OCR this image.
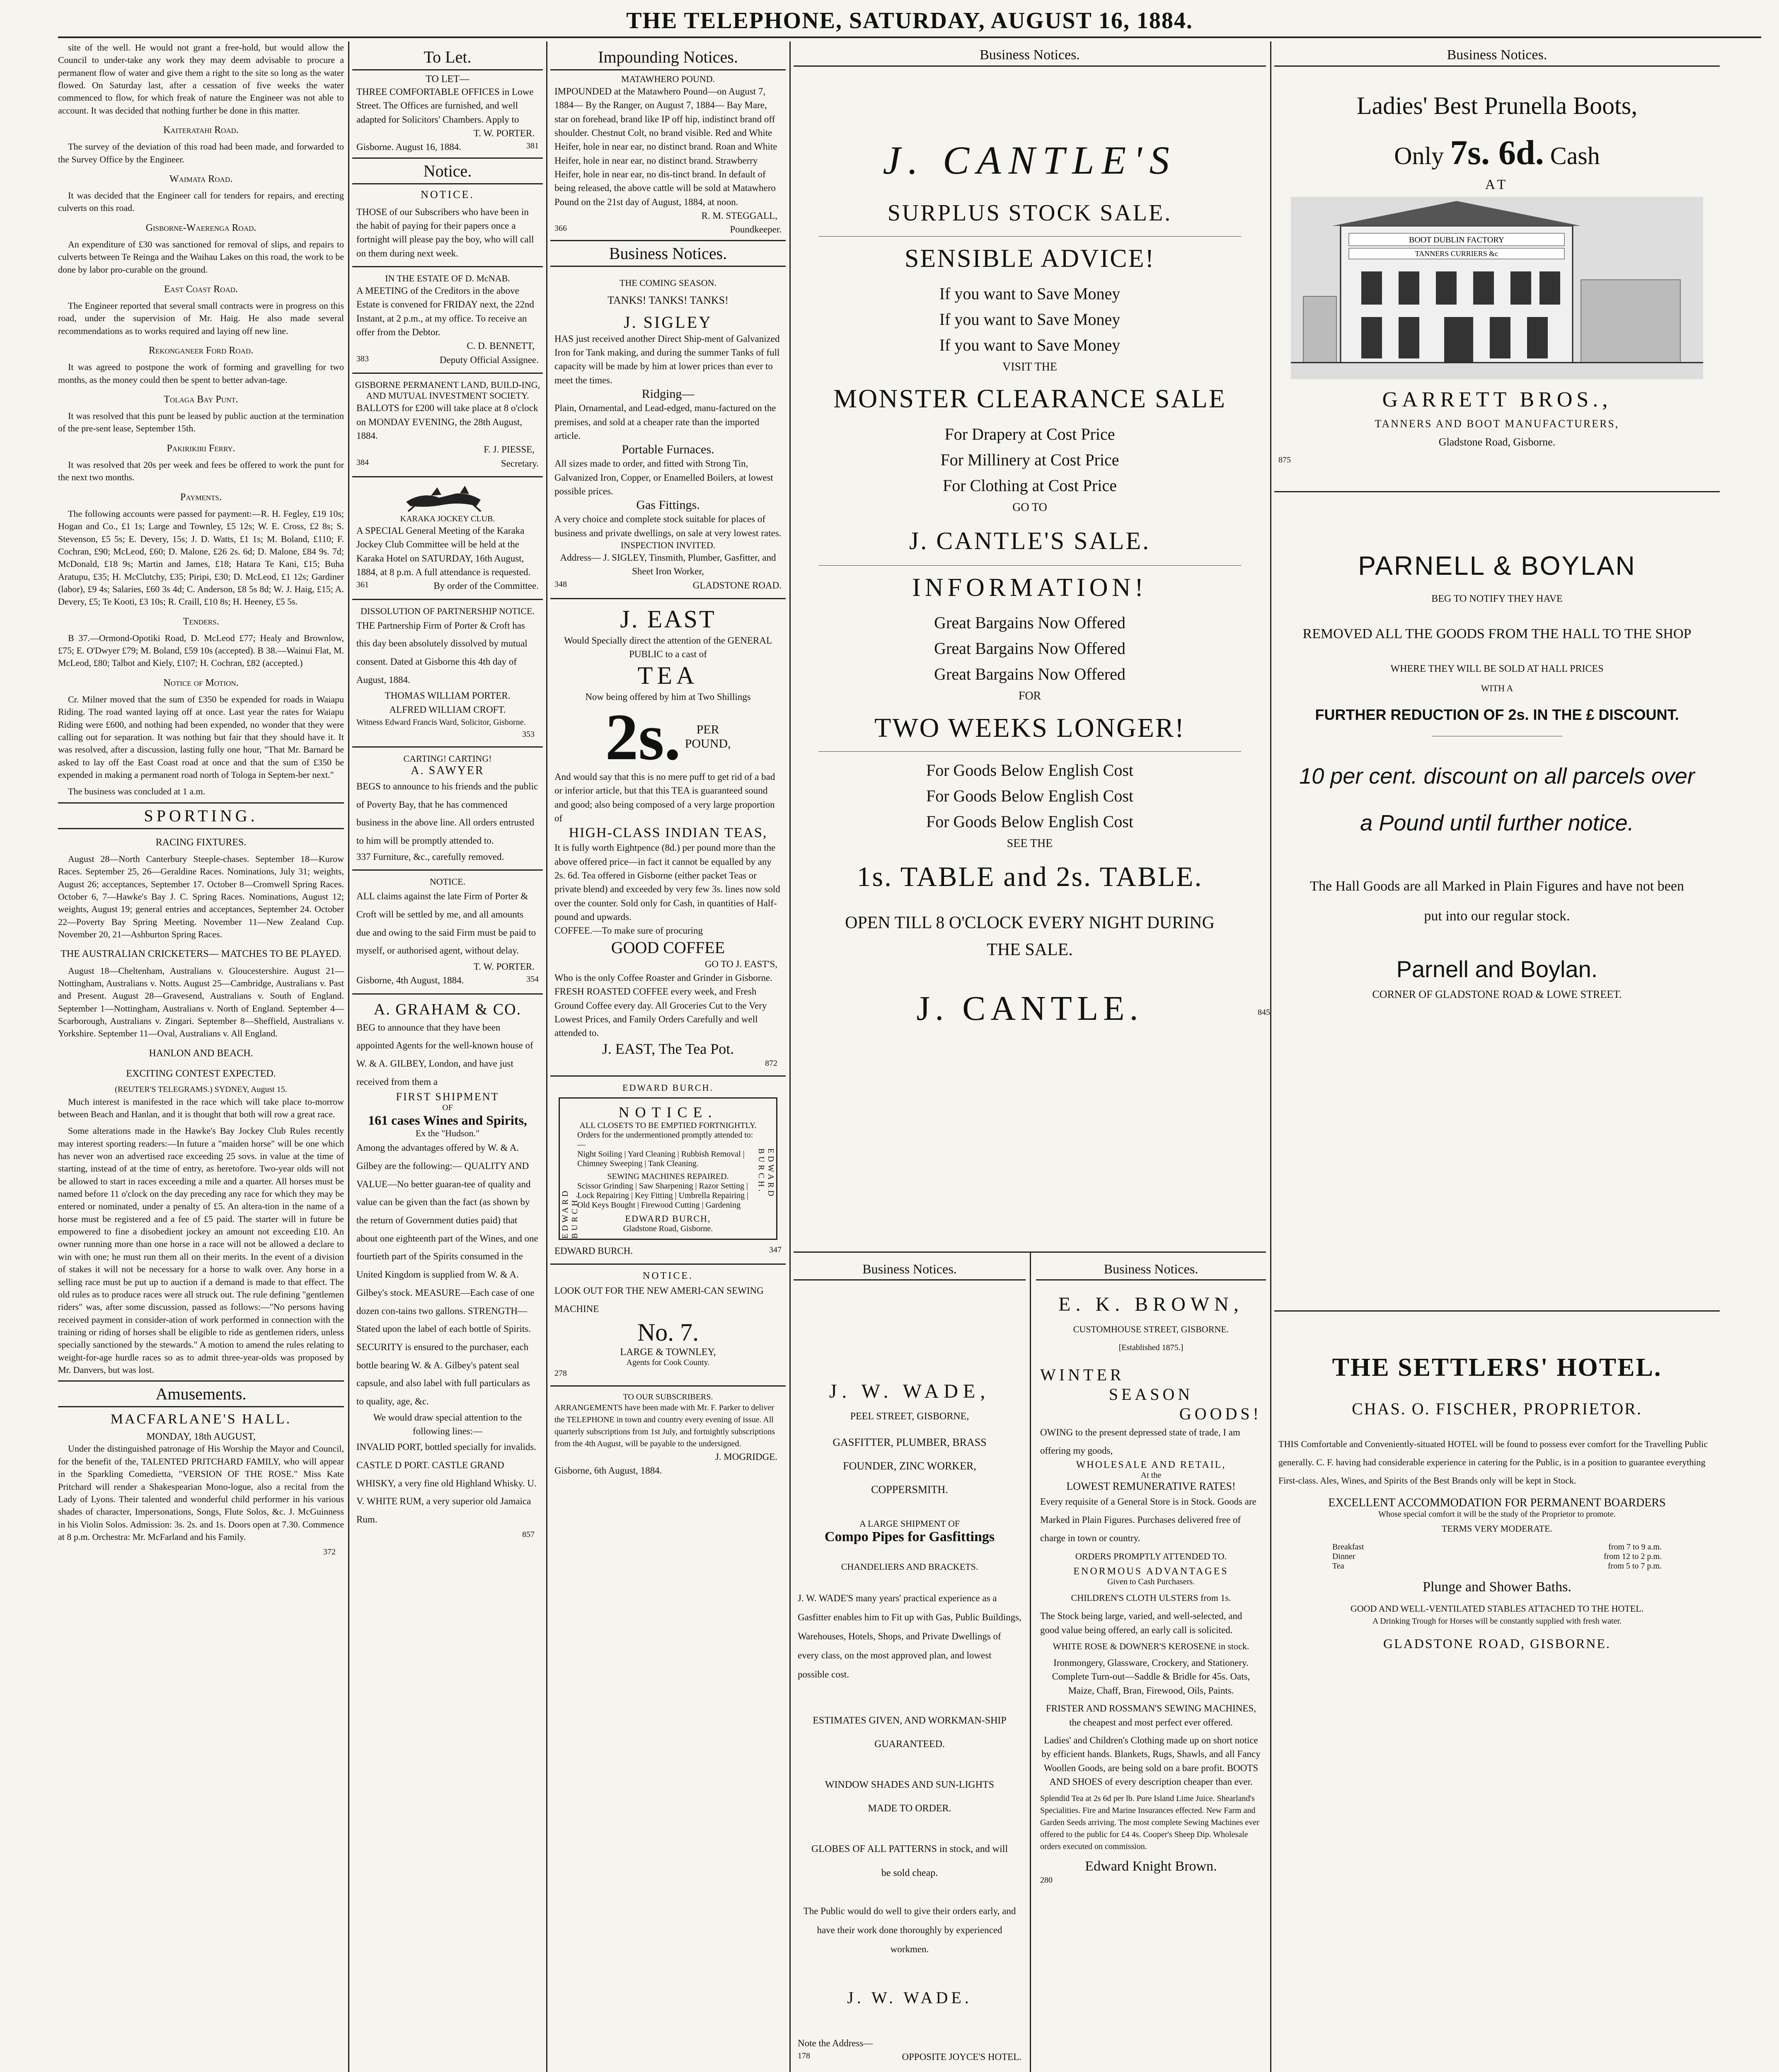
THE TELEPHONE, SATURDAY, AUGUST 16, 1884.

site of the well. He would not grant a free-hold, but would allow the Council to under-take any work they may deem advisable to procure a permanent flow of water and give them a right to the site so long as the water flowed. On Saturday last, after a cessation of five weeks the water commenced to flow, for which freak of nature the Engineer was not able to account. It was decided that nothing further be done in this matter.

Kaiteratahi Road.

The survey of the deviation of this road had been made, and forwarded to the Survey Office by the Engineer.

Waimata Road.

It was decided that the Engineer call for tenders for repairs, and erecting culverts on this road.

Gisborne-Waerenga Road.

An expenditure of £30 was sanctioned for removal of slips, and repairs to culverts between Te Reinga and the Waihau Lakes on this road, the work to be done by labor pro-curable on the ground.

East Coast Road.

The Engineer reported that several small contracts were in progress on this road, under the supervision of Mr. Haig. He also made several recommendations as to works required and laying off new line.

Rekonganeer Ford Road.

It was agreed to postpone the work of forming and gravelling for two months, as the money could then be spent to better advan-tage.

Tolaga Bay Punt.

It was resolved that this punt be leased by public auction at the termination of the pre-sent lease, September 15th.

Pakirikiri Ferry.

It was resolved that 20s per week and fees be offered to work the punt for the next two months.

Payments.

The following accounts were passed for payment:—R. H. Fegley, £19 10s; Hogan and Co., £1 1s; Large and Townley, £5 12s; W. E. Cross, £2 8s; S. Stevenson, £5 5s; E. Devery, 15s; J. D. Watts, £1 1s; M. Boland, £110; F. Cochran, £90; McLeod, £60; D. Malone, £26 2s. 6d; D. Malone, £84 9s. 7d; McDonald, £18 9s; Martin and James, £18; Hatara Te Kani, £15; Buha Aratupu, £35; H. McClutchy, £35; Piripi, £30; D. McLeod, £1 12s; Gardiner (labor), £9 4s; Salaries, £60 3s 4d; C. Anderson, £8 5s 8d; W. J. Haig, £15; A. Devery, £5; Te Kooti, £3 10s; R. Craill, £10 8s; H. Heeney, £5 5s.

Tenders.

B 37.—Ormond-Opotiki Road, D. McLeod £77; Healy and Brownlow, £75; E. O'Dwyer £79; M. Boland, £59 10s (accepted). B 38.—Wainui Flat, M. McLeod, £80; Talbot and Kiely, £107; H. Cochran, £82 (accepted.)

Notice of Motion.

Cr. Milner moved that the sum of £350 be expended for roads in Waiapu Riding. The road wanted laying off at once. Last year the rates for Waiapu Riding were £600, and nothing had been expended, no wonder that they were calling out for separation. It was nothing but fair that they should have it. It was resolved, after a discussion, lasting fully one hour, "That Mr. Barnard be asked to lay off the East Coast road at once and that the sum of £350 be expended in making a permanent road north of Tologa in Septem-ber next."

The business was concluded at 1 a.m.

SPORTING.
RACING FIXTURES.

August 28—North Canterbury Steeple-chases. September 18—Kurow Races. September 25, 26—Geraldine Races. Nominations, July 31; weights, August 26; acceptances, September 17. October 8—Cromwell Spring Races. October 6, 7—Hawke's Bay J. C. Spring Races. Nominations, August 12; weights, August 19; general entries and acceptances, September 24. October 22—Poverty Bay Spring Meeting. November 11—New Zealand Cup. November 20, 21—Ashburton Spring Races.

THE AUSTRALIAN CRICKETERS— MATCHES TO BE PLAYED.

August 18—Cheltenham, Australians v. Gloucestershire. August 21—Nottingham, Australians v. Notts. August 25—Cambridge, Australians v. Past and Present. August 28—Gravesend, Australians v. South of England. September 1—Nottingham, Australians v. North of England. September 4—Scarborough, Australians v. Zingari. September 8—Sheffield, Australians v. Yorkshire. September 11—Oval, Australians v. All England.

HANLON AND BEACH.
EXCITING CONTEST EXPECTED.
(REUTER'S TELEGRAMS.) SYDNEY, August 15.

Much interest is manifested in the race which will take place to-morrow between Beach and Hanlan, and it is thought that both will row a great race.

Some alterations made in the Hawke's Bay Jockey Club Rules recently may interest sporting readers:—In future a "maiden horse" will be one which has never won an advertised race exceeding 25 sovs. in value at the time of starting, instead of at the time of entry, as heretofore. Two-year olds will not be allowed to start in races exceeding a mile and a quarter. All horses must be named before 11 o'clock on the day preceding any race for which they may be entered or nominated, under a penalty of £5. An altera-tion in the name of a horse must be registered and a fee of £5 paid. The starter will in future be empowered to fine a disobedient jockey an amount not exceeding £10. An owner running more than one horse in a race will not be allowed a declare to win with one; he must run them all on their merits. In the event of a division of stakes it will not be necessary for a horse to walk over. Any horse in a selling race must be put up to auction if a demand is made to that effect. The old rules as to produce races were all struck out. The rule defining "gentlemen riders" was, after some discussion, passed as follows:—"No persons having received payment in consider-ation of work performed in connection with the training or riding of horses shall be eligible to ride as gentlemen riders, unless specially sanctioned by the stewards." A motion to amend the rules relating to weight-for-age hurdle races so as to admit three-year-olds was proposed by Mr. Danvers, but was lost.

Amusements.
MACFARLANE'S HALL.
MONDAY, 18th AUGUST,

Under the distinguished patronage of His Worship the Mayor and Council, for the benefit of the, TALENTED PRITCHARD FAMILY, who will appear in the Sparkling Comedietta, "VERSION OF THE ROSE." Miss Kate Pritchard will render a Shakespearian Mono-logue, also a recital from the Lady of Lyons. Their talented and wonderful child performer in his various shades of character, Impersonations, Songs, Flute Solos, &c. J. McGuinness in his Violin Solos. Admission: 3s. 2s. and 1s. Doors open at 7.30. Commence at 8 p.m. Orchestra: Mr. McFarland and his Family.

372
To Let.
TO LET—
THREE COMFORTABLE OFFICES in Lowe Street. The Offices are furnished, and well adapted for Solicitors' Chambers. Apply to
T. W. PORTER.
Gisborne. August 16, 1884.	381
Notice.
NOTICE.
THOSE of our Subscribers who have been in the habit of paying for their papers once a fortnight will please pay the boy, who will call on them during next week.
IN THE ESTATE OF D. McNAB.
A MEETING of the Creditors in the above Estate is convened for FRIDAY next, the 22nd Instant, at 2 p.m., at my office. To receive an offer from the Debtor.
C. D. BENNETT,
383	Deputy Official Assignee.
GISBORNE PERMANENT LAND, BUILD-ING, AND MUTUAL INVESTMENT SOCIETY.
BALLOTS for £200 will take place at 8 o'clock on MONDAY EVENING, the 28th August, 1884.
F. J. PIESSE,
384	Secretary.
KARAKA JOCKEY CLUB.
A SPECIAL General Meeting of the Karaka Jockey Club Committee will be held at the Karaka Hotel on SATURDAY, 16th August, 1884, at 8 p.m. A full attendance is requested.
361	By order of the Committee.
DISSOLUTION OF PARTNERSHIP NOTICE.
THE Partnership Firm of Porter & Croft has this day been absolutely dissolved by mutual consent. Dated at Gisborne this 4th day of August, 1884.
THOMAS WILLIAM PORTER.
ALFRED WILLIAM CROFT.
Witness Edward Francis Ward, Solicitor, Gisborne.
353
CARTING! CARTING!
A. SAWYER
BEGS to announce to his friends and the public of Poverty Bay, that he has commenced business in the above line. All orders entrusted to him will be promptly attended to.
337 Furniture, &c., carefully removed.
NOTICE.
ALL claims against the late Firm of Porter & Croft will be settled by me, and all amounts due and owing to the said Firm must be paid to myself, or authorised agent, without delay.
T. W. PORTER.
Gisborne, 4th August, 1884.	354
A. GRAHAM & CO.
BEG to announce that they have been appointed Agents for the well-known house of W. & A. GILBEY, London, and have just received from them a
FIRST SHIPMENT
OF
161 cases Wines and Spirits,
Ex the "Hudson."
Among the advantages offered by W. & A. Gilbey are the following:— QUALITY AND VALUE—No better guaran-tee of quality and value can be given than the fact (as shown by the return of Government duties paid) that about one eighteenth part of the Wines, and one fourtieth part of the Spirits consumed in the United Kingdom is supplied from W. & A. Gilbey's stock. MEASURE—Each case of one dozen con-tains two gallons. STRENGTH—Stated upon the label of each bottle of Spirits. SECURITY is ensured to the purchaser, each bottle bearing W. & A. Gilbey's patent seal capsule, and also label with full particulars as to quality, age, &c.
We would draw special attention to the following lines:—
INVALID PORT, bottled specially for invalids. CASTLE D PORT. CASTLE GRAND WHISKY, a very fine old Highland Whisky. U. V. WHITE RUM, a very superior old Jamaica Rum.
857
Impounding Notices.
MATAWHERO POUND.
IMPOUNDED at the Matawhero Pound—on August 7, 1884— By the Ranger, on August 7, 1884— Bay Mare, star on forehead, brand like IP off hip, indistinct brand off shoulder. Chestnut Colt, no brand visible. Red and White Heifer, hole in near ear, no distinct brand. Roan and White Heifer, hole in near ear, no distinct brand. Strawberry Heifer, hole in near ear, no dis-tinct brand. In default of being released, the above cattle will be sold at Matawhero Pound on the 21st day of August, 1884, at noon.
R. M. STEGGALL,
366	Poundkeeper.
Business Notices.
THE COMING SEASON.
TANKS! TANKS! TANKS!
J. SIGLEY
HAS just received another Direct Ship-ment of Galvanized Iron for Tank making, and during the summer Tanks of full capacity will be made by him at lower prices than ever to meet the times.
Ridging—
Plain, Ornamental, and Lead-edged, manu-factured on the premises, and sold at a cheaper rate than the imported article.
Portable Furnaces.
All sizes made to order, and fitted with Strong Tin, Galvanized Iron, Copper, or Enamelled Boilers, at lowest possible prices.
Gas Fittings.
A very choice and complete stock suitable for places of business and private dwellings, on sale at very lowest rates.
INSPECTION INVITED.
Address— J. SIGLEY, Tinsmith, Plumber, Gasfitter, and Sheet Iron Worker,
348	GLADSTONE ROAD.
J. EAST
Would Specially direct the attention of the GENERAL PUBLIC to a cast of
TEA
Now being offered by him at Two Shillings
2s.	PER
POUND,
And would say that this is no mere puff to get rid of a bad or inferior article, but that this TEA is guaranteed sound and good; also being composed of a very large proportion of
HIGH-CLASS INDIAN TEAS,
It is fully worth Eightpence (8d.) per pound more than the above offered price—in fact it cannot be equalled by any 2s. 6d. Tea offered in Gisborne (either packet Teas or private blend) and exceeded by very few 3s. lines now sold over the counter. Sold only for Cash, in quantities of Half-pound and upwards.
COFFEE.—To make sure of procuring
GOOD COFFEE
GO TO J. EAST'S,
Who is the only Coffee Roaster and Grinder in Gisborne. FRESH ROASTED COFFEE every week, and Fresh Ground Coffee every day. All Groceries Cut to the Very Lowest Prices, and Family Orders Carefully and well attended to.
J. EAST, The Tea Pot.
872
EDWARD BURCH.
EDWARD BURCH.
EDWARD BURCH.
NOTICE.
ALL CLOSETS TO BE EMPTIED FORTNIGHTLY.
Orders for the undermentioned promptly attended to:—
Night Soiling | Yard Cleaning | Rubbish Removal | Chimney Sweeping | Tank Cleaning.
SEWING MACHINES REPAIRED.
Scissor Grinding | Saw Sharpening | Razor Setting | Lock Repairing | Key Fitting | Umbrella Repairing | Old Keys Bought | Firewood Cutting | Gardening
EDWARD BURCH,
Gladstone Road, Gisborne.
EDWARD BURCH.	347
NOTICE.
LOOK OUT FOR THE NEW AMERI-CAN SEWING MACHINE
No. 7.
LARGE & TOWNLEY,
Agents for Cook County.
278
TO OUR SUBSCRIBERS.
ARRANGEMENTS have been made with Mr. F. Parker to deliver the TELEPHONE in town and country every evening of issue. All quarterly subscriptions from 1st July, and fortnightly subscriptions from the 4th August, will be payable to the undersigned.
J. MOGRIDGE.
Gisborne, 6th August, 1884.
Business Notices.
J. CANTLE'S
SURPLUS STOCK SALE.
SENSIBLE ADVICE!
If you want to Save Money
If you want to Save Money
If you want to Save Money
VISIT THE
MONSTER CLEARANCE SALE
For Drapery at Cost Price
For Millinery at Cost Price
For Clothing at Cost Price
GO TO
J. CANTLE'S SALE.
INFORMATION!
Great Bargains Now Offered
Great Bargains Now Offered
Great Bargains Now Offered
FOR
TWO WEEKS LONGER!
For Goods Below English Cost
For Goods Below English Cost
For Goods Below English Cost
SEE THE
1s. TABLE and 2s. TABLE.
OPEN TILL 8 O'CLOCK EVERY NIGHT DURING THE SALE.
J. CANTLE.
Business Notices.
J. W. WADE,
PEEL STREET, GISBORNE,
GASFITTER, PLUMBER, BRASS FOUNDER, ZINC WORKER, COPPERSMITH.
A LARGE SHIPMENT OF
Compo Pipes for Gasfittings
CHANDELIERS AND BRACKETS.
J. W. WADE'S many years' practical experience as a Gasfitter enables him to Fit up with Gas, Public Buildings, Warehouses, Hotels, Shops, and Private Dwellings of every class, on the most approved plan, and lowest possible cost.
ESTIMATES GIVEN, AND WORKMAN-SHIP GUARANTEED.
WINDOW SHADES AND SUN-LIGHTS MADE TO ORDER.
GLOBES OF ALL PATTERNS in stock, and will be sold cheap.
The Public would do well to give their orders early, and have their work done thoroughly by experienced workmen.
J. W. WADE.
Note the Address—
178	OPPOSITE JOYCE'S HOTEL.
Business Notices.
E. K. BROWN,
CUSTOMHOUSE STREET, GISBORNE.
[Established 1875.]
WINTER
SEASON
GOODS!
OWING to the present depressed state of trade, I am offering my goods,
WHOLESALE AND RETAIL,
At the
LOWEST REMUNERATIVE RATES!
Every requisite of a General Store is in Stock. Goods are Marked in Plain Figures. Purchases delivered free of charge in town or country.
ORDERS PROMPTLY ATTENDED TO.
ENORMOUS ADVANTAGES
Given to Cash Purchasers.
CHILDREN'S CLOTH ULSTERS from 1s.
The Stock being large, varied, and well-selected, and good value being offered, an early call is solicited.
WHITE ROSE & DOWNER'S KEROSENE in stock.
Ironmongery, Glassware, Crockery, and Stationery. Complete Turn-out—Saddle & Bridle for 45s. Oats, Maize, Chaff, Bran, Firewood, Oils, Paints.
FRISTER AND ROSSMAN'S SEWING MACHINES, the cheapest and most perfect ever offered.
Ladies' and Children's Clothing made up on short notice by efficient hands. Blankets, Rugs, Shawls, and all Fancy Woollen Goods, are being sold on a bare profit. BOOTS AND SHOES of every description cheaper than ever.
Splendid Tea at 2s 6d per lb. Pure Island Lime Juice. Shearland's Specialities. Fire and Marine Insurances effected. New Farm and Garden Seeds arriving. The most complete Sewing Machines ever offered to the public for £4 4s. Cooper's Sheep Dip. Wholesale orders executed on commission.
Edward Knight Brown.
280
Business Notices.
Ladies' Best Prunella Boots,
Only 7s. 6d. Cash
AT
BOOT DUBLIN FACTORY
TANNERS CURRIERS &c
GARRETT BROS.,
TANNERS AND BOOT MANUFACTURERS,
Gladstone Road, Gisborne.
875
PARNELL & BOYLAN
BEG TO NOTIFY THEY HAVE
REMOVED ALL THE GOODS FROM THE HALL TO THE SHOP
WHERE THEY WILL BE SOLD AT HALL PRICES
WITH A
FURTHER REDUCTION OF 2s. IN THE £ DISCOUNT.
10 per cent. discount on all parcels over a Pound until further notice.
The Hall Goods are all Marked in Plain Figures and have not been put into our regular stock.
Parnell and Boylan.
CORNER OF GLADSTONE ROAD & LOWE STREET.
845
THE SETTLERS' HOTEL.
CHAS. O. FISCHER, PROPRIETOR.
THIS Comfortable and Conveniently-situated HOTEL will be found to possess ever comfort for the Travelling Public generally. C. F. having had considerable experience in catering for the Public, is in a position to guarantee everything First-class. Ales, Wines, and Spirits of the Best Brands only will be kept in Stock.
EXCELLENT ACCOMMODATION FOR PERMANENT BOARDERS
Whose special comfort it will be the study of the Proprietor to promote.
TERMS VERY MODERATE.
Breakfast	from 7 to 9 a.m.
Dinner	from 12 to 2 p.m.
Tea	from 5 to 7 p.m.
Plunge and Shower Baths.
GOOD AND WELL-VENTILATED STABLES ATTACHED TO THE HOTEL.
A Drinking Trough for Horses will be constantly supplied with fresh water.
GLADSTONE ROAD, GISBORNE.
